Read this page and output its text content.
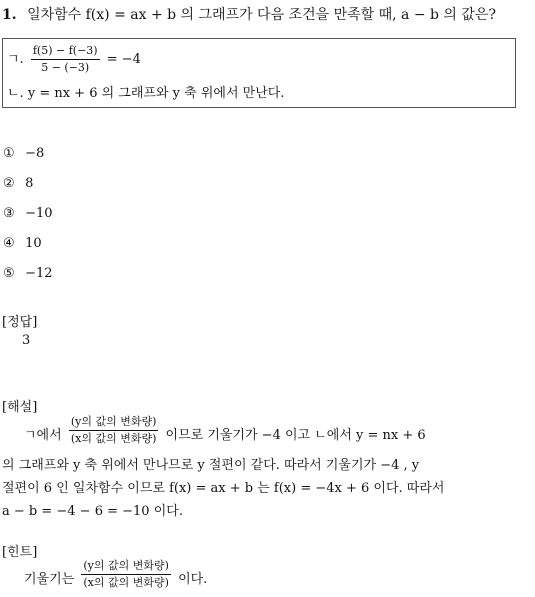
1. 일차함수 f(x) = ax + b 의 그래프가 다음 조건을 만족할 때, a − b 의 값은?
ㄱ. $\frac{f(5) - f(-3)}{5 - (-3)} = -4$
ㄴ. y = nx + 6 의 그래프와 y 축 위에서 만난다.
① −8
② 8
③ −10
④ 10
⑤ −12
[정답]
3
[해설]
ㄱ에서 $\frac{\text{(y의 값의 변화량)}}{\text{(x의 값의 변화량)}}$ 이므로 기울기가 −4 이고 ㄴ에서 y = nx + 6
의 그래프와 y 축 위에서 만나므로 y 절편이 같다. 따라서 기울기가 −4 , y
절편이 6 인 일차함수 이므로 f(x) = ax + b 는 f(x) = −4x + 6 이다. 따라서
a − b = −4 − 6 = −10 이다.
[힌트]
기울기는 $\frac{\text{(y의 값의 변화량)}}{\text{(x의 값의 변화량)}}$ 이다.
